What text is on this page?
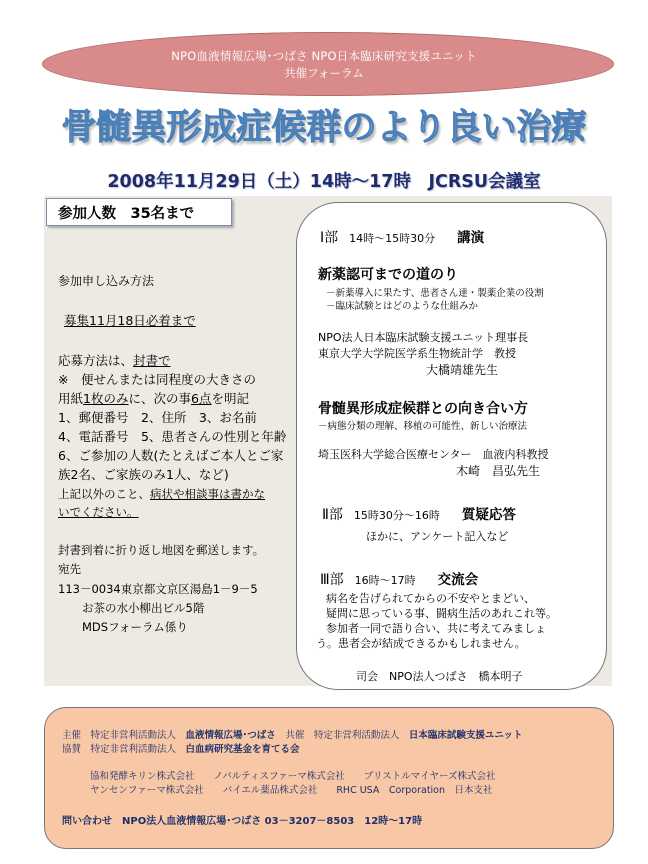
NPO血液情報広場･つばさ NPO日本臨床研究支援ユニット
共催フォーラム
骨髄異形成症候群のより良い治療
2008年11月29日（土）14時～17時　JCRSU会議室
参加人数　35名まで
参加申し込み方法
募集11月18日必着まで
応募方法は、封書で
※　便せんまたは同程度の大きさの
用紙1枚のみに、次の事6点を明記
1、郵便番号　2、住所　3、お名前
4、電話番号　5、患者さんの性別と年齢
6、ご参加の人数(たとえばご本人とご家
族2名、ご家族のみ1人、など)
上記以外のこと、病状や相談事は書かな
いでください。
封書到着に折り返し地図を郵送します。
宛先
113－0034東京都文京区湯島1－9－5
お茶の水小柳出ビル5階
MDSフォーラム係り
Ⅰ部　 14時～15時30分　　 講演
新薬認可までの道のり
－新薬導入に果たす、患者さん達・製薬企業の役割
－臨床試験とはどのような仕組みか
NPO法人日本臨床試験支援ユニット理事長
東京大学大学院医学系生物統計学　教授
大橋靖雄先生
骨髄異形成症候群との向き合い方
－病態分類の理解、移植の可能性、新しい治療法
埼玉医科大学総合医療センター　血液内科教授
木崎　昌弘先生
Ⅱ部　 15時30分～16時　　 質疑応答
ほかに、アンケート記入など
Ⅲ部　 16時～17時　　 交流会
病名を告げられてからの不安やとまどい、
疑問に思っている事、闘病生活のあれこれ等。
参加者一同で語り合い、共に考えてみましょ
う。患者会が結成できるかもしれません。
司会　NPO法人つばさ　橋本明子
主催　特定非営利活動法人　 血液情報広場･つばさ　 共催　特定非営利活動法人　 日本臨床試験支援ユニット
協賛　特定非営利活動法人　 白血病研究基金を育てる会
協和発酵キリン株式会社　　ノバルティスファーマ株式会社　　ブリストルマイヤーズ株式会社
ヤンセンファーマ株式会社　　バイエル薬品株式会社　　RHC USA　Corporation　日本支社
問い合わせ　NPO法人血液情報広場･つばさ 03－3207－8503　12時～17時
